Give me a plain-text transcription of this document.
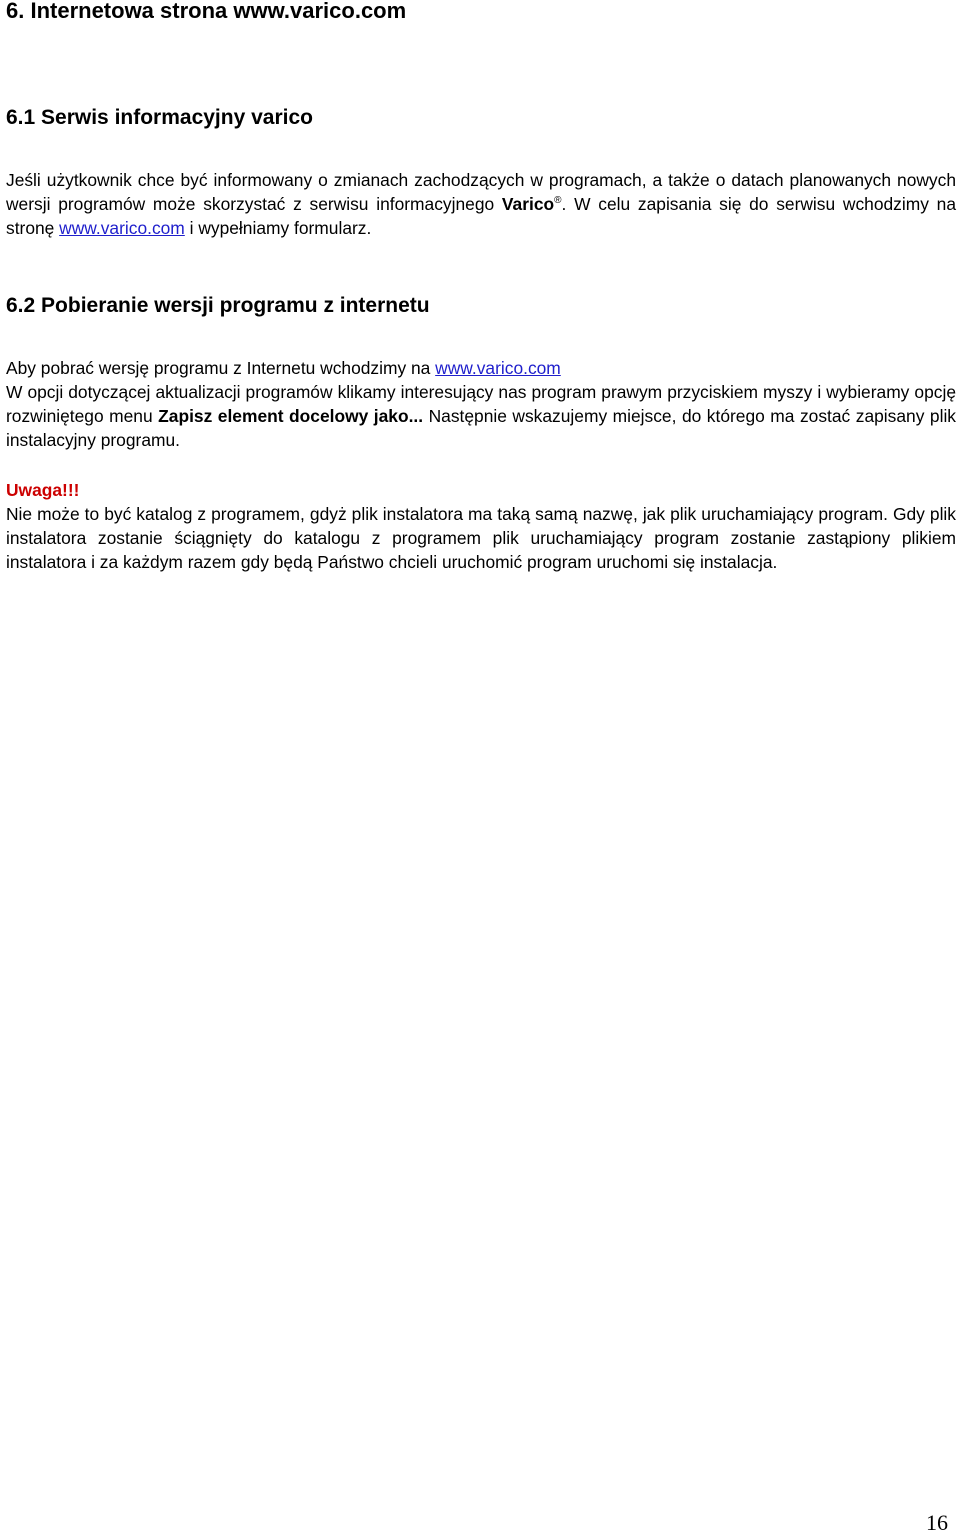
6. Internetowa strona www.varico.com
6.1 Serwis informacyjny varico

Jeśli użytkownik chce być informowany o zmianach zachodzących w programach, a także o datach planowanych nowych wersji programów może skorzystać z serwisu informacyjnego Varico®. W celu zapisania się do serwisu wchodzimy na stronę www.varico.com i wypełniamy formularz.

6.2 Pobieranie wersji programu z internetu

Aby pobrać wersję programu z Internetu wchodzimy na www.varico.com
W opcji dotyczącej aktualizacji programów klikamy interesujący nas program prawym przyciskiem myszy i wybieramy opcję rozwiniętego menu Zapisz element docelowy jako... Następnie wskazujemy miejsce, do którego ma zostać zapisany plik instalacyjny programu.

Uwaga!!!
Nie może to być katalog z programem, gdyż plik instalatora ma taką samą nazwę, jak plik uruchamiający program. Gdy plik instalatora zostanie ściągnięty do katalogu z programem plik uruchamiający program zostanie zastąpiony plikiem instalatora i za każdym razem gdy będą Państwo chcieli uruchomić program uruchomi się instalacja.

16
